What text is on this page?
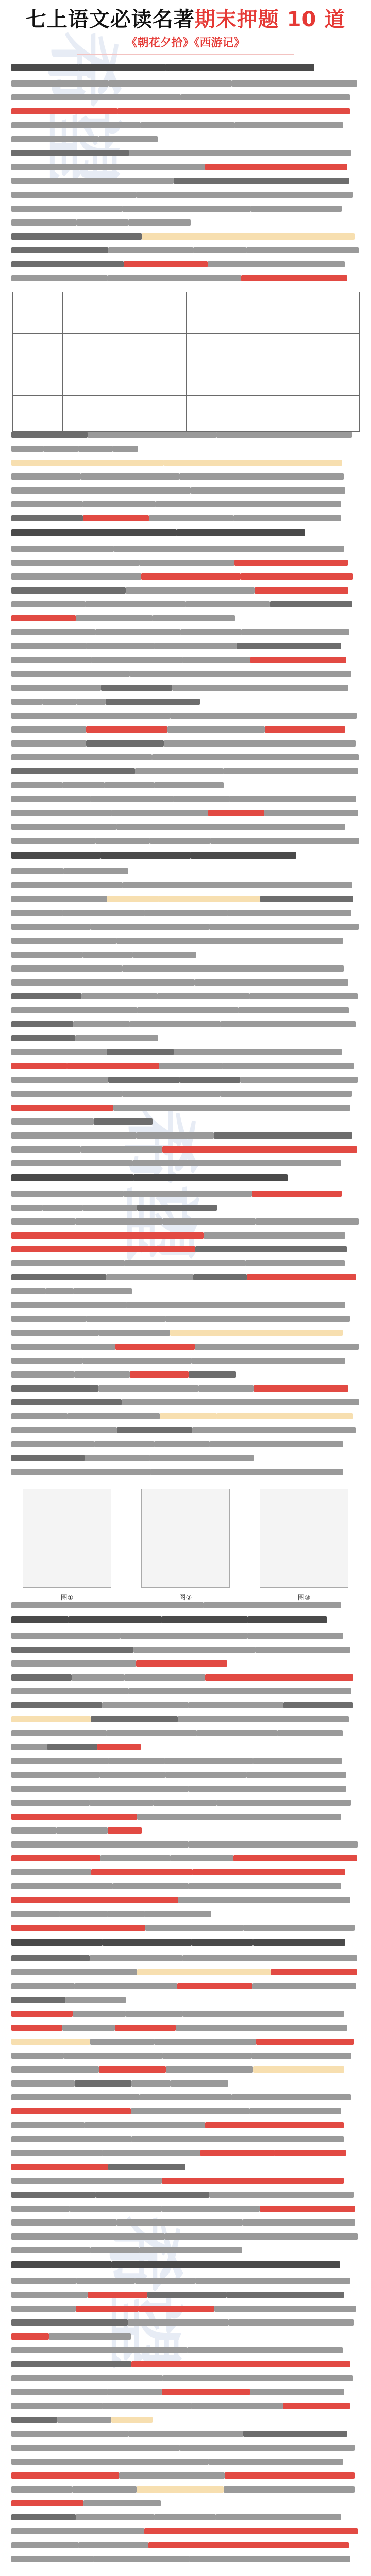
希望
七上语文必读名著期末押题 10 道
《朝花夕拾》《西游记》
图①	图②	图③
